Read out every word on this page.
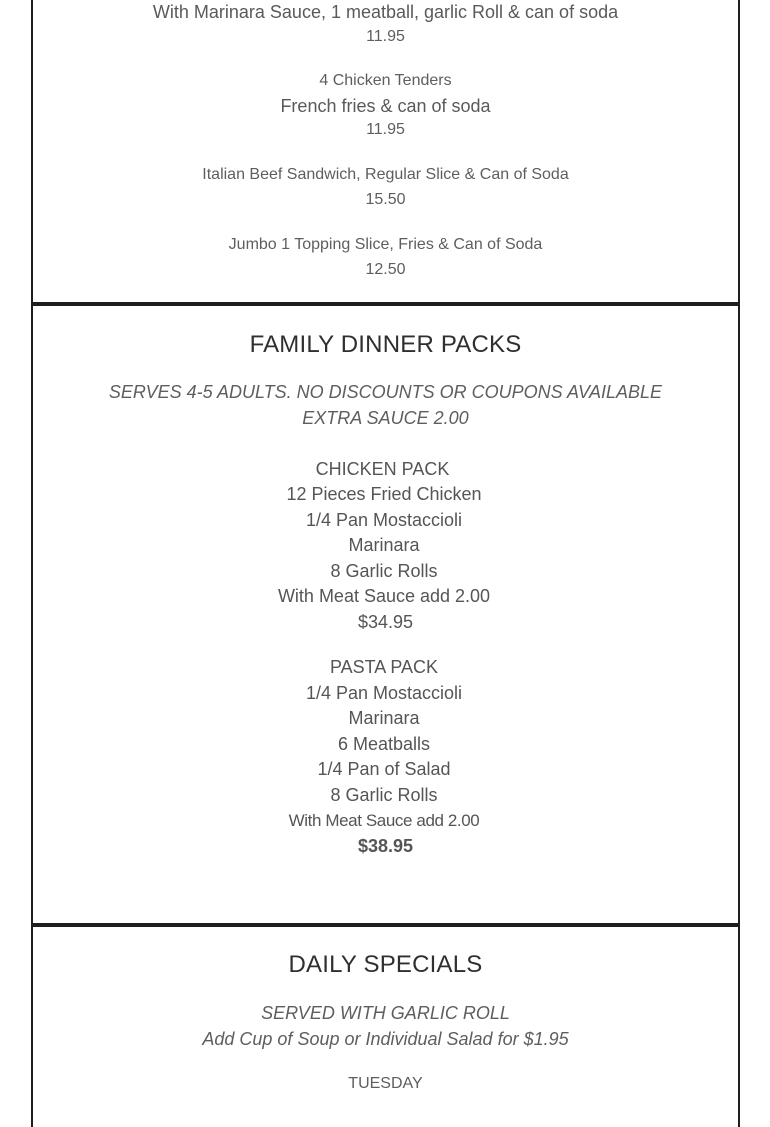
With Marinara Sauce, 1 meatball, garlic Roll & can of soda
11.95
4 Chicken Tenders
French fries & can of soda
11.95
Italian Beef Sandwich, Regular Slice & Can of Soda
15.50
Jumbo 1 Topping Slice, Fries & Can of Soda
12.50
FAMILY DINNER PACKS
SERVES 4-5 ADULTS. NO DISCOUNTS OR COUPONS AVAILABLE
EXTRA SAUCE 2.00
CHICKEN PACK
12 Pieces Fried Chicken
1/4 Pan Mostaccioli
Marinara
8 Garlic Rolls
With Meat Sauce add 2.00
$34.95
PASTA PACK
1/4 Pan Mostaccioli
Marinara
6 Meatballs
1/4 Pan of Salad
8 Garlic Rolls
With Meat Sauce add 2.00
$38.95
DAILY SPECIALS
SERVED WITH GARLIC ROLL
Add Cup of Soup or Individual Salad for $1.95
TUESDAY
